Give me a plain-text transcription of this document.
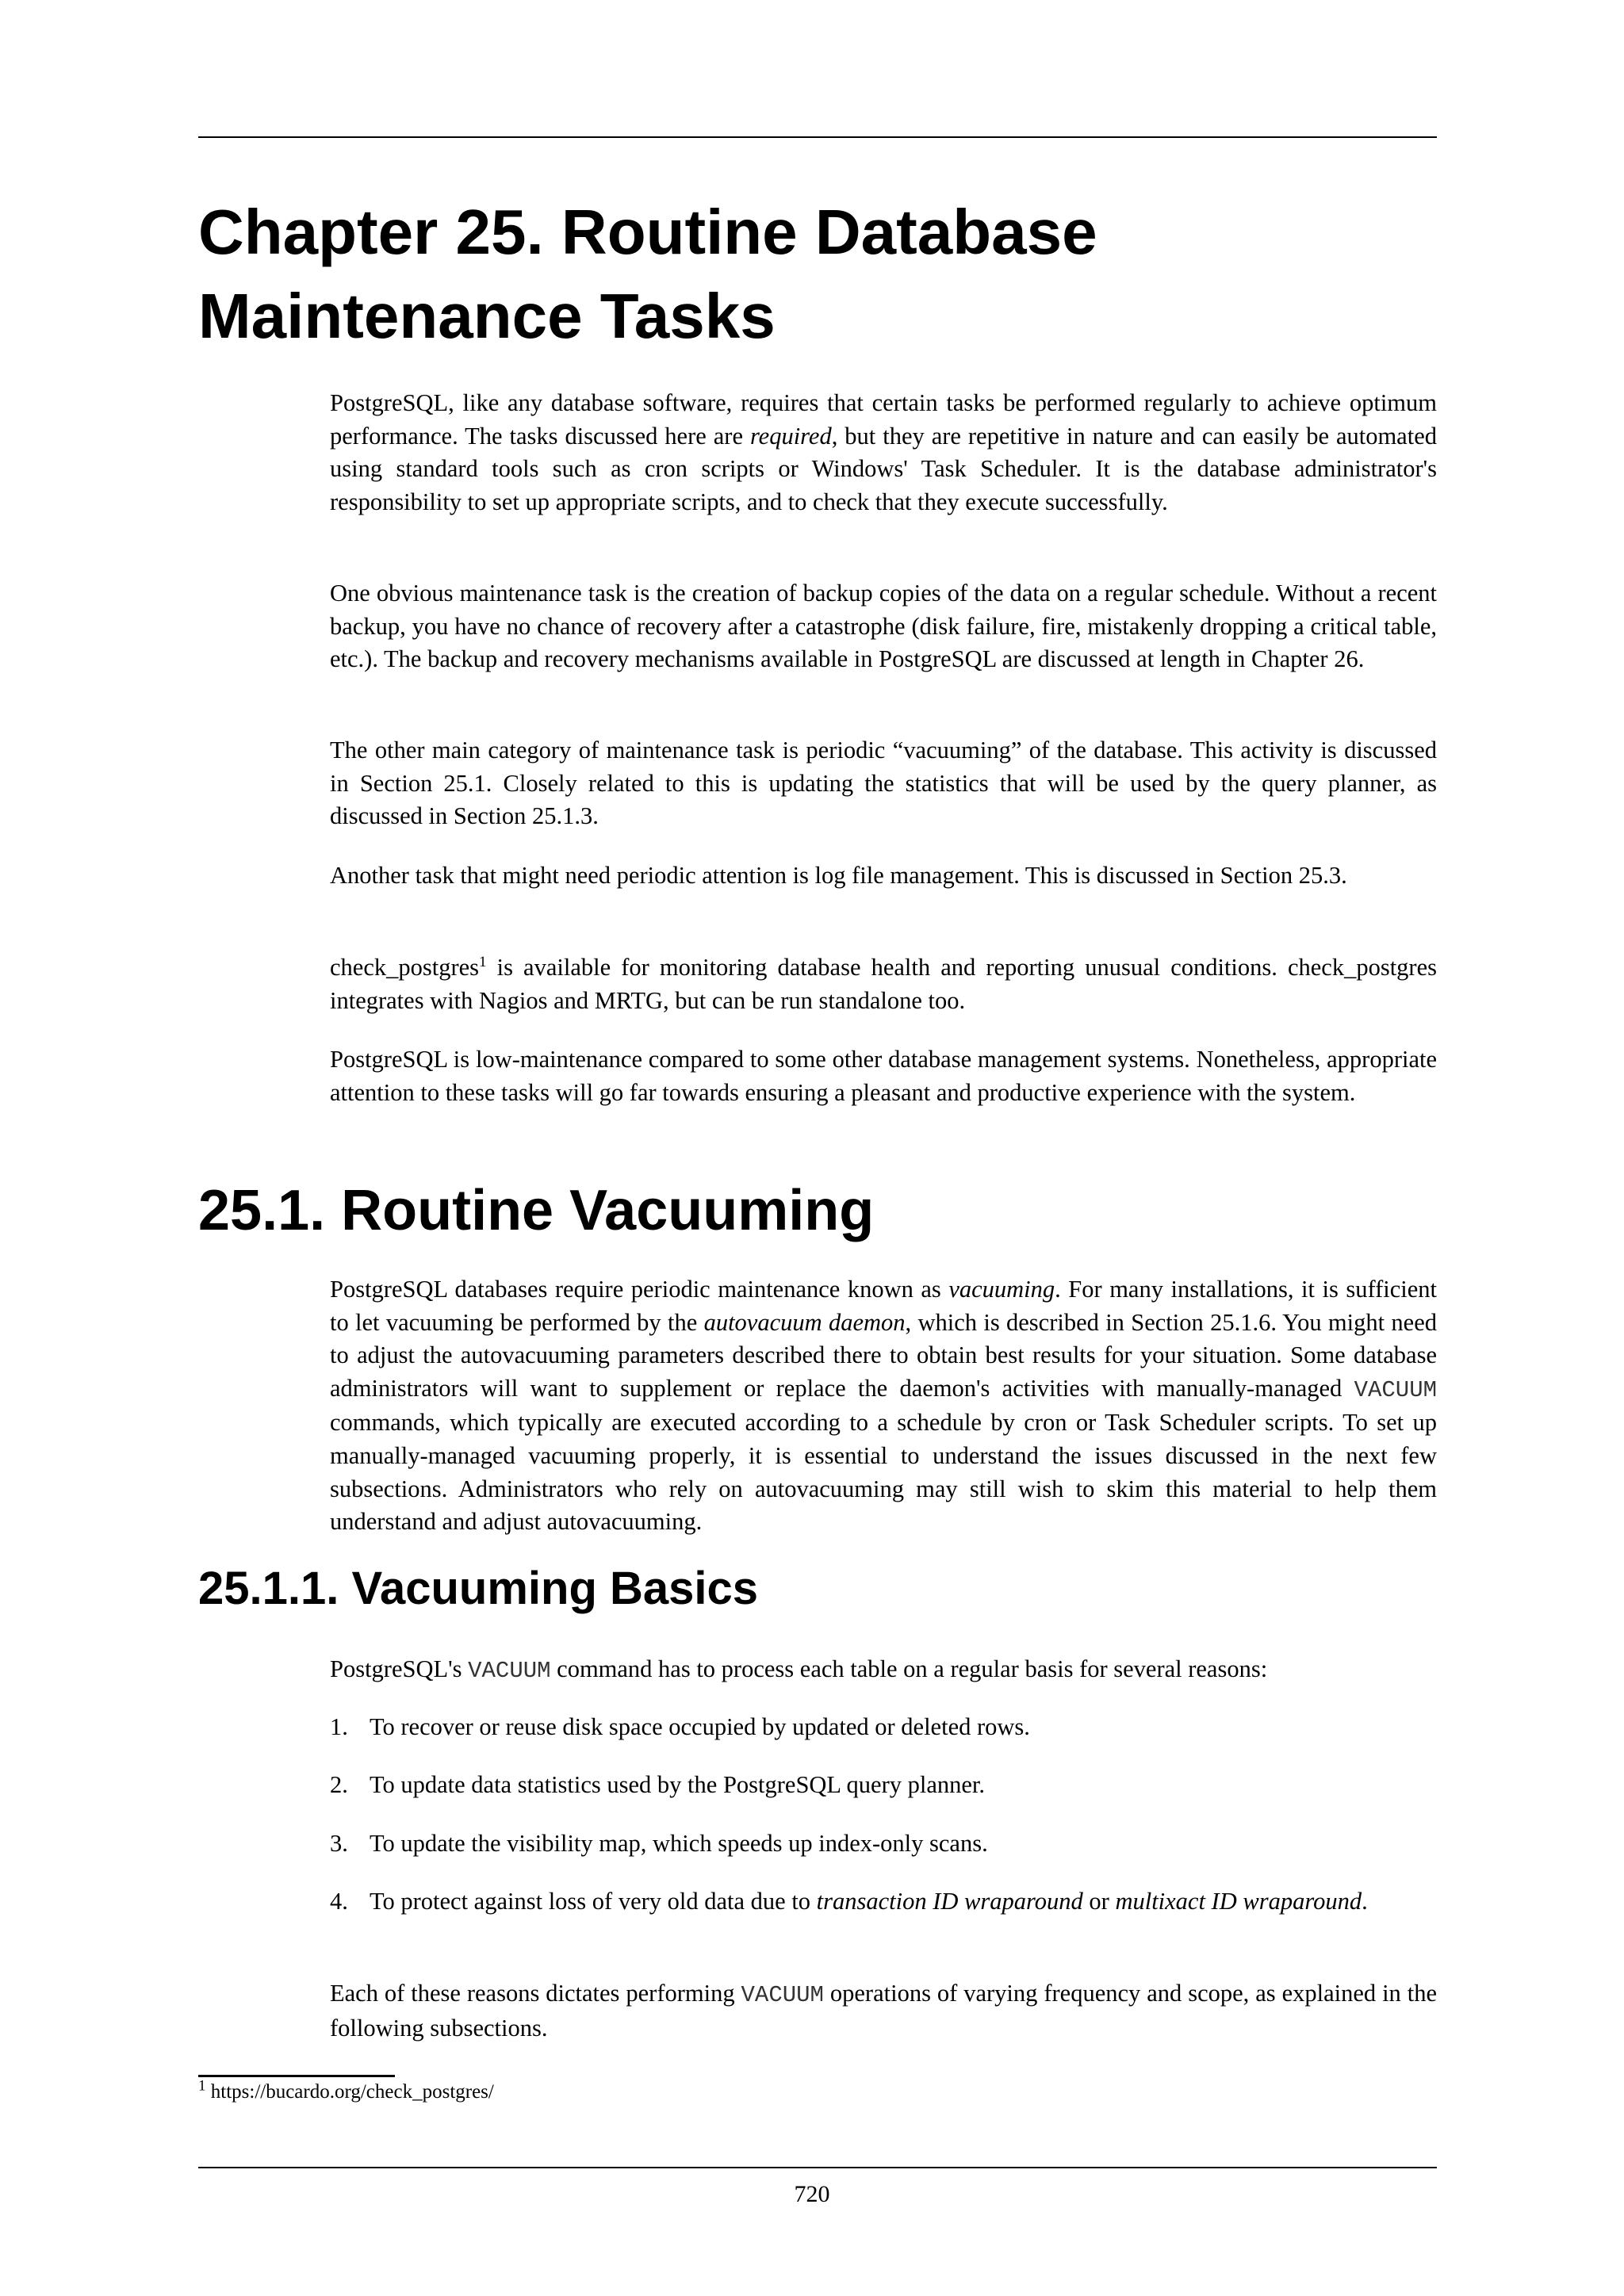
Chapter 25. Routine Database
Maintenance Tasks

PostgreSQL, like any database software, requires that certain tasks be performed regularly to achieve optimum performance. The tasks discussed here are required, but they are repetitive in nature and can easily be automated using standard tools such as cron scripts or Windows' Task Scheduler. It is the database administrator's responsibility to set up appropriate scripts, and to check that they execute successfully.

One obvious maintenance task is the creation of backup copies of the data on a regular schedule. Without a recent backup, you have no chance of recovery after a catastrophe (disk failure, fire, mistakenly dropping a critical table, etc.). The backup and recovery mechanisms available in PostgreSQL are discussed at length in Chapter 26.

The other main category of maintenance task is periodic “vacuuming” of the database. This activity is discussed in Section 25.1. Closely related to this is updating the statistics that will be used by the query planner, as discussed in Section 25.1.3.

Another task that might need periodic attention is log file management. This is discussed in Section 25.3.

check_postgres$^1$ is available for monitoring database health and reporting unusual conditions. check_postgres integrates with Nagios and MRTG, but can be run standalone too.

PostgreSQL is low-maintenance compared to some other database management systems. Nonetheless, appropriate attention to these tasks will go far towards ensuring a pleasant and productive experience with the system.

25.1. Routine Vacuuming

PostgreSQL databases require periodic maintenance known as vacuuming. For many installations, it is sufficient to let vacuuming be performed by the autovacuum daemon, which is described in Section 25.1.6. You might need to adjust the autovacuuming parameters described there to obtain best results for your situation. Some database administrators will want to supplement or replace the daemon's activities with manually-managed VACUUM commands, which typically are executed according to a schedule by cron or Task Scheduler scripts. To set up manually-managed vacuuming properly, it is essential to understand the issues discussed in the next few subsections. Administrators who rely on autovacuuming may still wish to skim this material to help them understand and adjust autovacuuming.

25.1.1. Vacuuming Basics

PostgreSQL's VACUUM command has to process each table on a regular basis for several reasons:

1. To recover or reuse disk space occupied by updated or deleted rows.
2. To update data statistics used by the PostgreSQL query planner.
3. To update the visibility map, which speeds up index-only scans.
4. To protect against loss of very old data due to transaction ID wraparound or multixact ID wraparound.

Each of these reasons dictates performing VACUUM operations of varying frequency and scope, as explained in the following subsections.

$^1$ https://bucardo.org/check_postgres/
720
